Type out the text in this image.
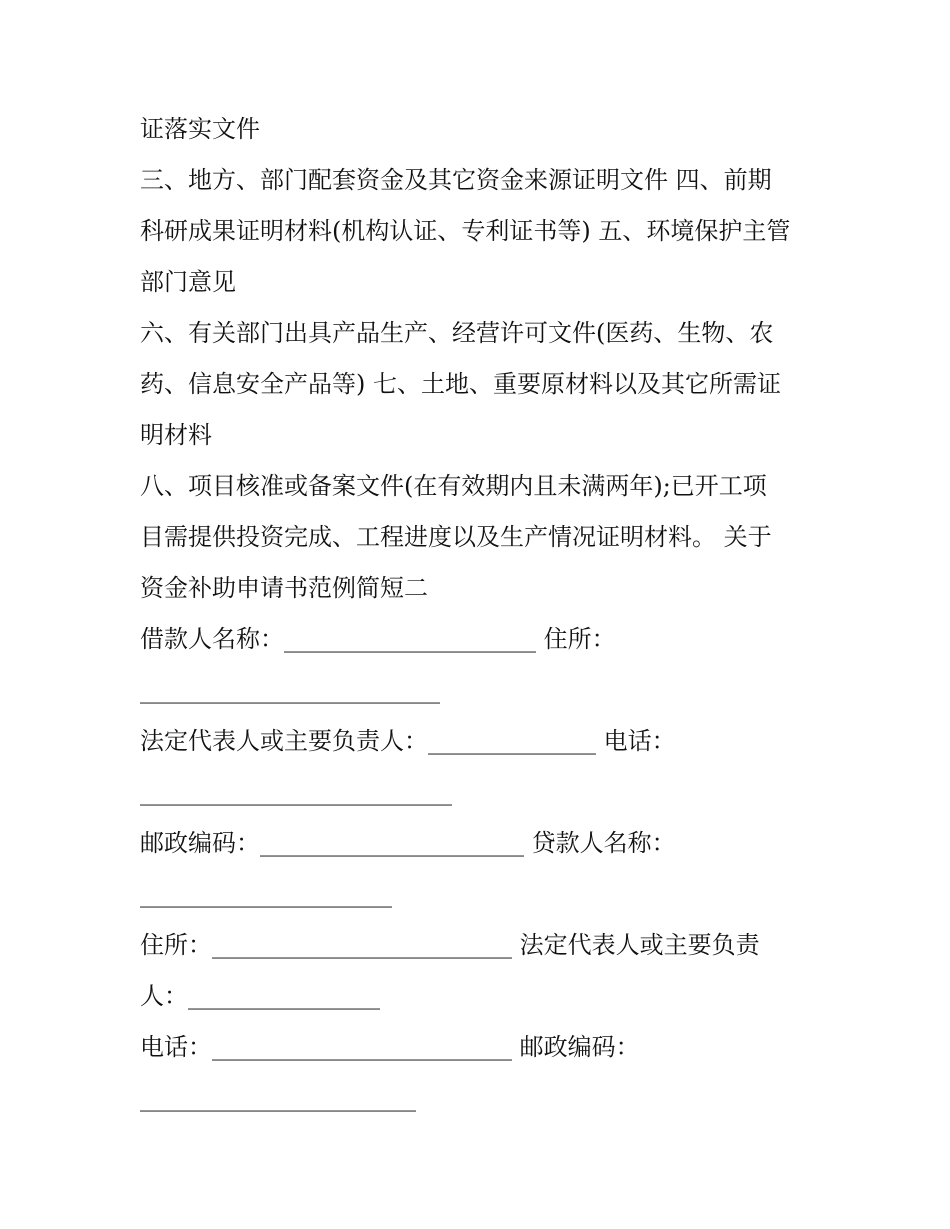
证落实文件
三、地方、部门配套资金及其它资金来源证明文件 四、前期
科研成果证明材料(机构认证、专利证书等) 五、环境保护主管
部门意见
六、有关部门出具产品生产、经营许可文件(医药、生物、农
药、信息安全产品等) 七、土地、重要原材料以及其它所需证
明材料
八、项目核准或备案文件(在有效期内且未满两年);已开工项
目需提供投资完成、工程进度以及生产情况证明材料。 关于
资金补助申请书范例简短二
借款人名称：_____________________ 住所：
_________________________
法定代表人或主要负责人：______________ 电话：
__________________________
邮政编码：______________________ 贷款人名称：
_____________________
住所：_________________________ 法定代表人或主要负责
人：________________
电话：_________________________ 邮政编码：
_______________________
